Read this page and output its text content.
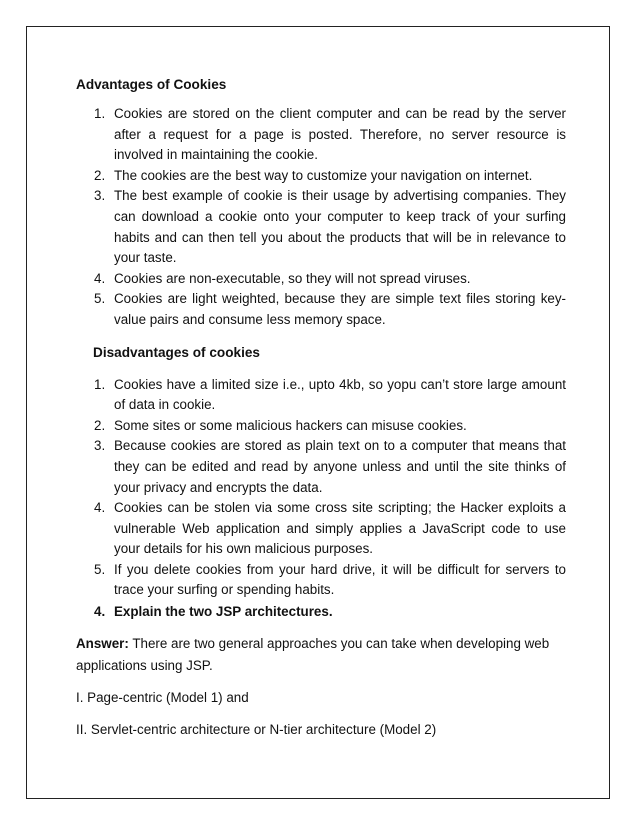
Advantages of Cookies
1. Cookies are stored on the client computer and can be read by the server after a request for a page is posted. Therefore, no server resource is involved in maintaining the cookie.
2. The cookies are the best way to customize your navigation on internet.
3. The best example of cookie is their usage by advertising companies. They can download a cookie onto your computer to keep track of your surfing habits and can then tell you about the products that will be in relevance to your taste.
4. Cookies are non-executable, so they will not spread viruses.
5. Cookies are light weighted, because they are simple text files storing key-value pairs and consume less memory space.
Disadvantages of cookies
1. Cookies have a limited size i.e., upto 4kb, so yopu can’t store large amount of data in cookie.
2. Some sites or some malicious hackers can misuse cookies.
3. Because cookies are stored as plain text on to a computer that means that they can be edited and read by anyone unless and until the site thinks of your privacy and encrypts the data.
4. Cookies can be stolen via some cross site scripting; the Hacker exploits a vulnerable Web application and simply applies a JavaScript code to use your details for his own malicious purposes.
5. If you delete cookies from your hard drive, it will be difficult for servers to trace your surfing or spending habits.
4. Explain the two JSP architectures.

Answer: There are two general approaches you can take when developing web applications using JSP.

I. Page-centric (Model 1) and

II. Servlet-centric architecture or N-tier architecture (Model 2)
